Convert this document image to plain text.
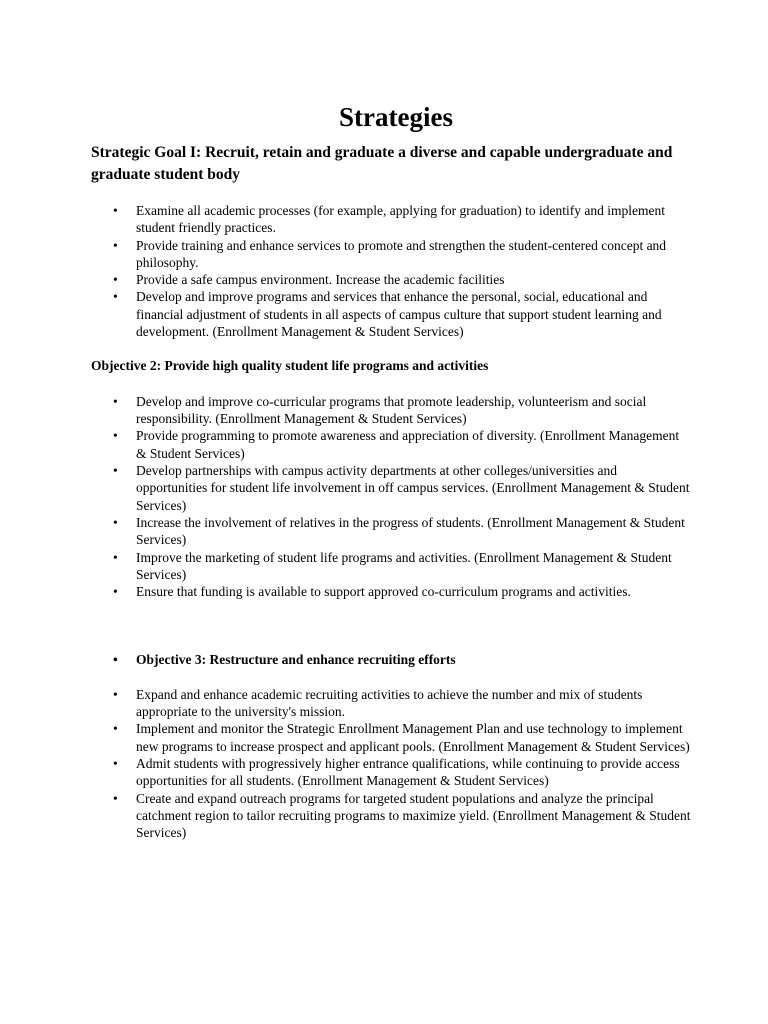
Strategies

Strategic Goal I: Recruit, retain and graduate a diverse and capable undergraduate and graduate student body

• Examine all academic processes (for example, applying for graduation) to identify and implement student friendly practices.
• Provide training and enhance services to promote and strengthen the student-centered concept and philosophy.
• Provide a safe campus environment. Increase the academic facilities
• Develop and improve programs and services that enhance the personal, social, educational and financial adjustment of students in all aspects of campus culture that support student learning and development. (Enrollment Management & Student Services)

Objective 2: Provide high quality student life programs and activities

• Develop and improve co-curricular programs that promote leadership, volunteerism and social responsibility. (Enrollment Management & Student Services)
• Provide programming to promote awareness and appreciation of diversity. (Enrollment Management & Student Services)
• Develop partnerships with campus activity departments at other colleges/universities and opportunities for student life involvement in off campus services. (Enrollment Management & Student Services)
• Increase the involvement of relatives in the progress of students. (Enrollment Management & Student Services)
• Improve the marketing of student life programs and activities. (Enrollment Management & Student Services)
• Ensure that funding is available to support approved co-curriculum programs and activities.
• Objective 3: Restructure and enhance recruiting efforts
• Expand and enhance academic recruiting activities to achieve the number and mix of students appropriate to the university's mission.
• Implement and monitor the Strategic Enrollment Management Plan and use technology to implement new programs to increase prospect and applicant pools. (Enrollment Management & Student Services)
• Admit students with progressively higher entrance qualifications, while continuing to provide access opportunities for all students. (Enrollment Management & Student Services)
• Create and expand outreach programs for targeted student populations and analyze the principal catchment region to tailor recruiting programs to maximize yield. (Enrollment Management & Student Services)
